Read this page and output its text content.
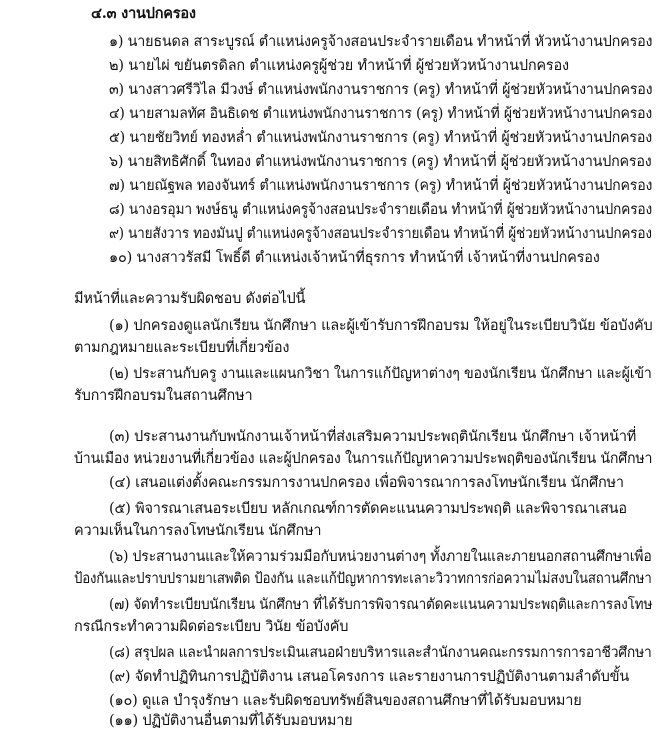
๔.๓ งานปกครอง
๑) นายธนดล สาระบูรณ์ ตำแหน่งครูจ้างสอนประจำรายเดือน ทำหน้าที่ หัวหน้างานปกครอง
๒) นายไผ่ ขยันตรดิลก ตำแหน่งครูผู้ช่วย ทำหน้าที่ ผู้ช่วยหัวหน้างานปกครอง
๓) นางสาวศรีวิไล มีวงษ์ ตำแหน่งพนักงานราชการ (ครู) ทำหน้าที่ ผู้ช่วยหัวหน้างานปกครอง
๔) นายสามลทัศ อินธิเดช ตำแหน่งพนักงานราชการ (ครู) ทำหน้าที่ ผู้ช่วยหัวหน้างานปกครอง
๕) นายชัยวิทย์ ทองหล่ำ ตำแหน่งพนักงานราชการ (ครู) ทำหน้าที่ ผู้ช่วยหัวหน้างานปกครอง
๖) นายสิทธิศักดิ์ ในทอง ตำแหน่งพนักงานราชการ (ครู) ทำหน้าที่ ผู้ช่วยหัวหน้างานปกครอง
๗) นายณัฐพล ทองจันทร์ ตำแหน่งพนักงานราชการ (ครู) ทำหน้าที่ ผู้ช่วยหัวหน้างานปกครอง
๘) นางอรอุมา พงษ์ธนู ตำแหน่งครูจ้างสอนประจำรายเดือน ทำหน้าที่ ผู้ช่วยหัวหน้างานปกครอง
๙) นายสังวาร ทองมันปู ตำแหน่งครูจ้างสอนประจำรายเดือน ทำหน้าที่ ผู้ช่วยหัวหน้างานปกครอง
๑๐) นางสาวรัสมี โพธิ์ดี ตำแหน่งเจ้าหน้าที่ธุรการ ทำหน้าที่ เจ้าหน้าที่งานปกครอง
มีหน้าที่และความรับผิดชอบ ดังต่อไปนี้
(๑) ปกครองดูแลนักเรียน นักศึกษา และผู้เข้ารับการฝึกอบรม ให้อยู่ในระเบียบวินัย ข้อบังคับ
ตามกฎหมายและระเบียบที่เกี่ยวข้อง
(๒) ประสานกับครู งานและแผนกวิชา ในการแก้ปัญหาต่างๆ ของนักเรียน นักศึกษา และผู้เข้า
รับการฝึกอบรมในสถานศึกษา
(๓) ประสานงานกับพนักงานเจ้าหน้าที่ส่งเสริมความประพฤตินักเรียน นักศึกษา เจ้าหน้าที่
บ้านเมือง หน่วยงานที่เกี่ยวข้อง และผู้ปกครอง ในการแก้ปัญหาความประพฤติของนักเรียน นักศึกษา
(๔) เสนอแต่งตั้งคณะกรรมการงานปกครอง เพื่อพิจารณาการลงโทษนักเรียน นักศึกษา
(๕) พิจารณาเสนอระเบียบ หลักเกณฑ์การตัดคะแนนความประพฤติ และพิจารณาเสนอ
ความเห็นในการลงโทษนักเรียน นักศึกษา
(๖) ประสานงานและให้ความร่วมมือกับหน่วยงานต่างๆ ทั้งภายในและภายนอกสถานศึกษาเพื่อ
ป้องกันและปราบปรามยาเสพติด ป้องกัน และแก้ปัญหาการทะเลาะวิวาทการก่อความไม่สงบในสถานศึกษา
(๗) จัดทำระเบียบนักเรียน นักศึกษา ที่ได้รับการพิจารณาตัดคะแนนความประพฤติและการลงโทษ
กรณีกระทำความผิดต่อระเบียบ วินัย ข้อบังคับ
(๘) สรุปผล และนำผลการประเมินเสนอฝ่ายบริหารและสำนักงานคณะกรรมการการอาชีวศึกษา
(๙) จัดทำปฏิทินการปฏิบัติงาน เสนอโครงการ และรายงานการปฏิบัติงานตามลำดับขั้น
(๑๐) ดูแล บำรุงรักษา และรับผิดชอบทรัพย์สินของสถานศึกษาที่ได้รับมอบหมาย
(๑๑) ปฏิบัติงานอื่นตามที่ได้รับมอบหมาย
